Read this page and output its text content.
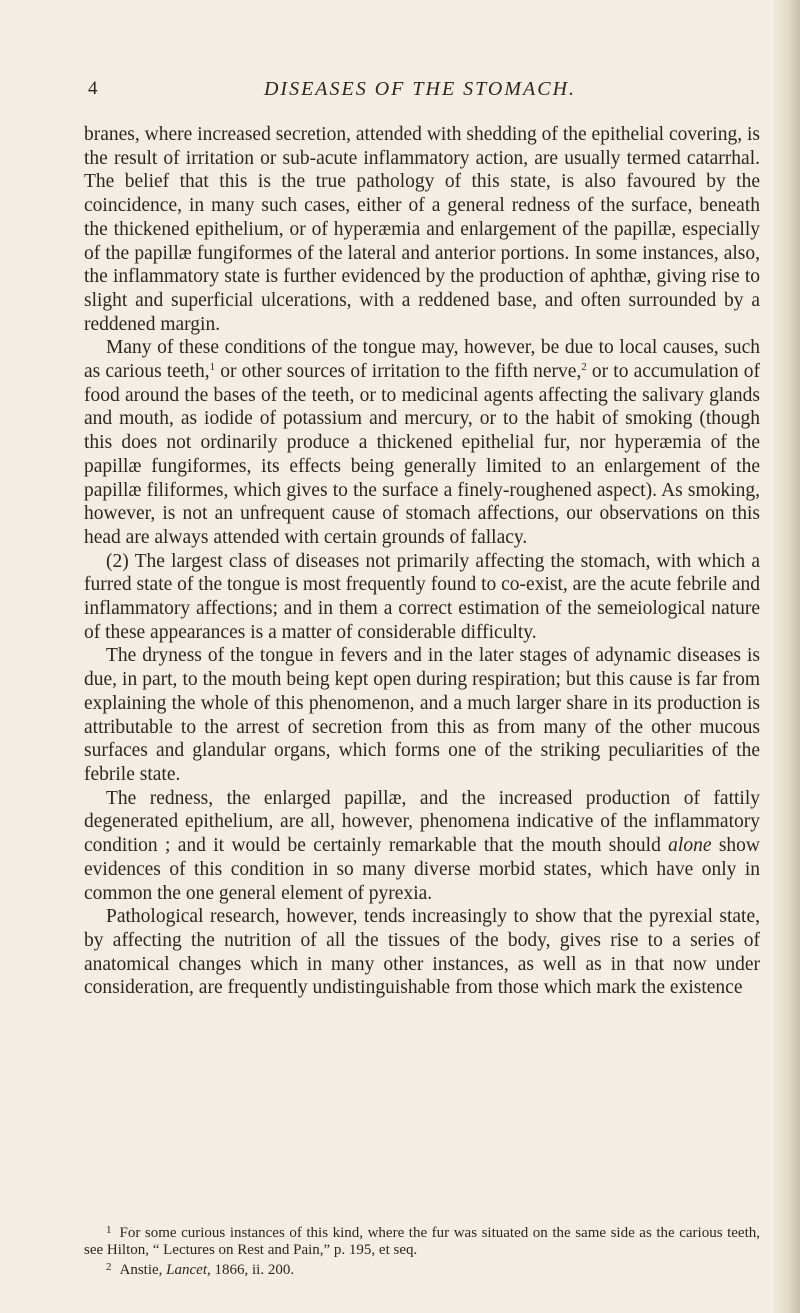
4	DISEASES OF THE STOMACH.

branes, where increased secretion, attended with shedding of the epithelial covering, is the result of irritation or sub-acute inflammatory action, are usually termed catarrhal. The belief that this is the true pathology of this state, is also favoured by the coincidence, in many such cases, either of a general redness of the surface, beneath the thickened epithelium, or of hyperæmia and enlargement of the papillæ, especially of the papillæ fungiformes of the lateral and anterior portions. In some instances, also, the inflammatory state is further evidenced by the production of aphthæ, giving rise to slight and superficial ulcerations, with a reddened base, and often surrounded by a reddened margin.

Many of these conditions of the tongue may, however, be due to local causes, such as carious teeth,$^1$ or other sources of irritation to the fifth nerve,$^2$ or to accumulation of food around the bases of the teeth, or to medicinal agents affecting the salivary glands and mouth, as iodide of potassium and mercury, or to the habit of smoking (though this does not ordinarily produce a thickened epithelial fur, nor hyperæmia of the papillæ fungiformes, its effects being generally limited to an enlargement of the papillæ filiformes, which gives to the surface a finely-roughened aspect). As smoking, however, is not an unfrequent cause of stomach affections, our observations on this head are always attended with certain grounds of fallacy.

(2) The largest class of diseases not primarily affecting the stomach, with which a furred state of the tongue is most frequently found to co-exist, are the acute febrile and inflammatory affections; and in them a correct estimation of the semeiological nature of these appearances is a matter of considerable difficulty.

The dryness of the tongue in fevers and in the later stages of adynamic diseases is due, in part, to the mouth being kept open during respiration; but this cause is far from explaining the whole of this phenomenon, and a much larger share in its production is attributable to the arrest of secretion from this as from many of the other mucous surfaces and glandular organs, which forms one of the striking peculiarities of the febrile state.

The redness, the enlarged papillæ, and the increased production of fattily degenerated epithelium, are all, however, phenomena indicative of the inflammatory condition ; and it would be certainly remarkable that the mouth should alone show evidences of this condition in so many diverse morbid states, which have only in common the one general element of pyrexia.

Pathological research, however, tends increasingly to show that the pyrexial state, by affecting the nutrition of all the tissues of the body, gives rise to a series of anatomical changes which in many other instances, as well as in that now under consideration, are frequently undistinguishable from those which mark the existence

$^1$ For some curious instances of this kind, where the fur was situated on the same side as the carious teeth, see Hilton, “ Lectures on Rest and Pain,” p. 195, et seq.

$^2$ Anstie, Lancet, 1866, ii. 200.
